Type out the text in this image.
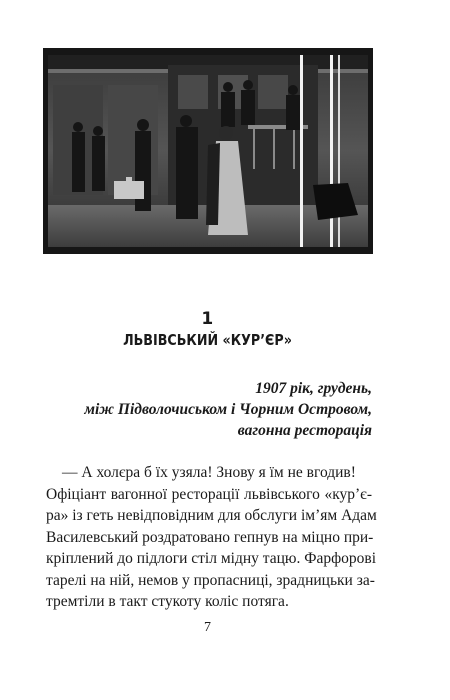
1
ЛЬВІВСЬКИЙ «КУР’ЄР»
1907 рік, грудень,
між Підволочиськом і Чорним Островом,
вагонна ресторація

— А холєра б їх узяла! Знову я їм не вгодив!

Офіціант вагонної ресторації львівського «кур’є-
ра» із геть невідповідним для обслуги ім’ям Адам
Василевський роздратовано гепнув на міцно при-
кріплений до підлоги стіл мідну тацю. Фарфорові
тарелі на ній, немов у пропасниці, зрадницьки за-
тремтіли в такт стукоту коліс потяга.

7
